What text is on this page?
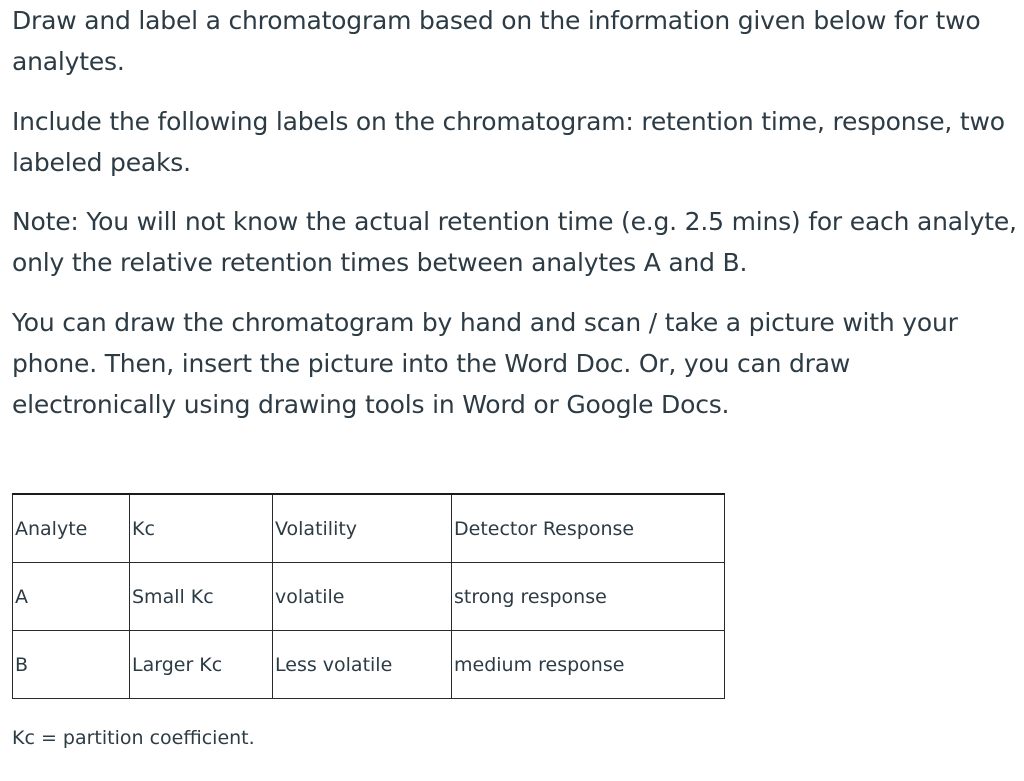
Draw and label a chromatogram based on the information given below for two analytes.

Include the following labels on the chromatogram: retention time, response, two labeled peaks.

Note: You will not know the actual retention time (e.g. 2.5 mins) for each analyte, only the relative retention times between analytes A and B.

You can draw the chromatogram by hand and scan / take a picture with your phone. Then, insert the picture into the Word Doc. Or, you can draw electronically using drawing tools in Word or Google Docs.

Analyte	Kc	Volatility	Detector Response
A	Small Kc	volatile	strong response
B	Larger Kc	Less volatile	medium response

Kc = partition coefficient.
